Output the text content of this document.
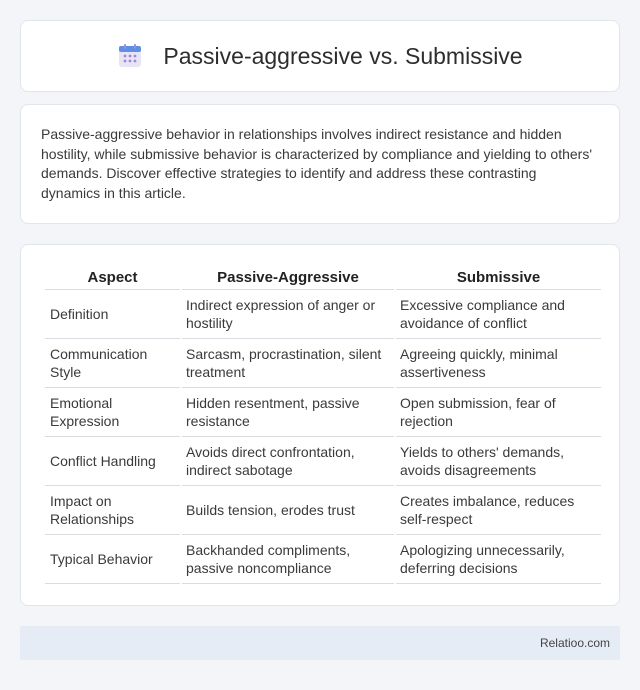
Passive-aggressive vs. Submissive

Passive-aggressive behavior in relationships involves indirect resistance and hidden hostility, while submissive behavior is characterized by compliance and yielding to others' demands. Discover effective strategies to identify and address these contrasting dynamics in this article.

Aspect	Passive-Aggressive	Submissive
Definition	Indirect expression of anger or hostility	Excessive compliance and avoidance of conflict
Communication Style	Sarcasm, procrastination, silent treatment	Agreeing quickly, minimal assertiveness
Emotional Expression	Hidden resentment, passive resistance	Open submission, fear of rejection
Conflict Handling	Avoids direct confrontation, indirect sabotage	Yields to others' demands, avoids disagreements
Impact on Relationships	Builds tension, erodes trust	Creates imbalance, reduces self-respect
Typical Behavior	Backhanded compliments, passive noncompliance	Apologizing unnecessarily, deferring decisions
Relatioo.com
